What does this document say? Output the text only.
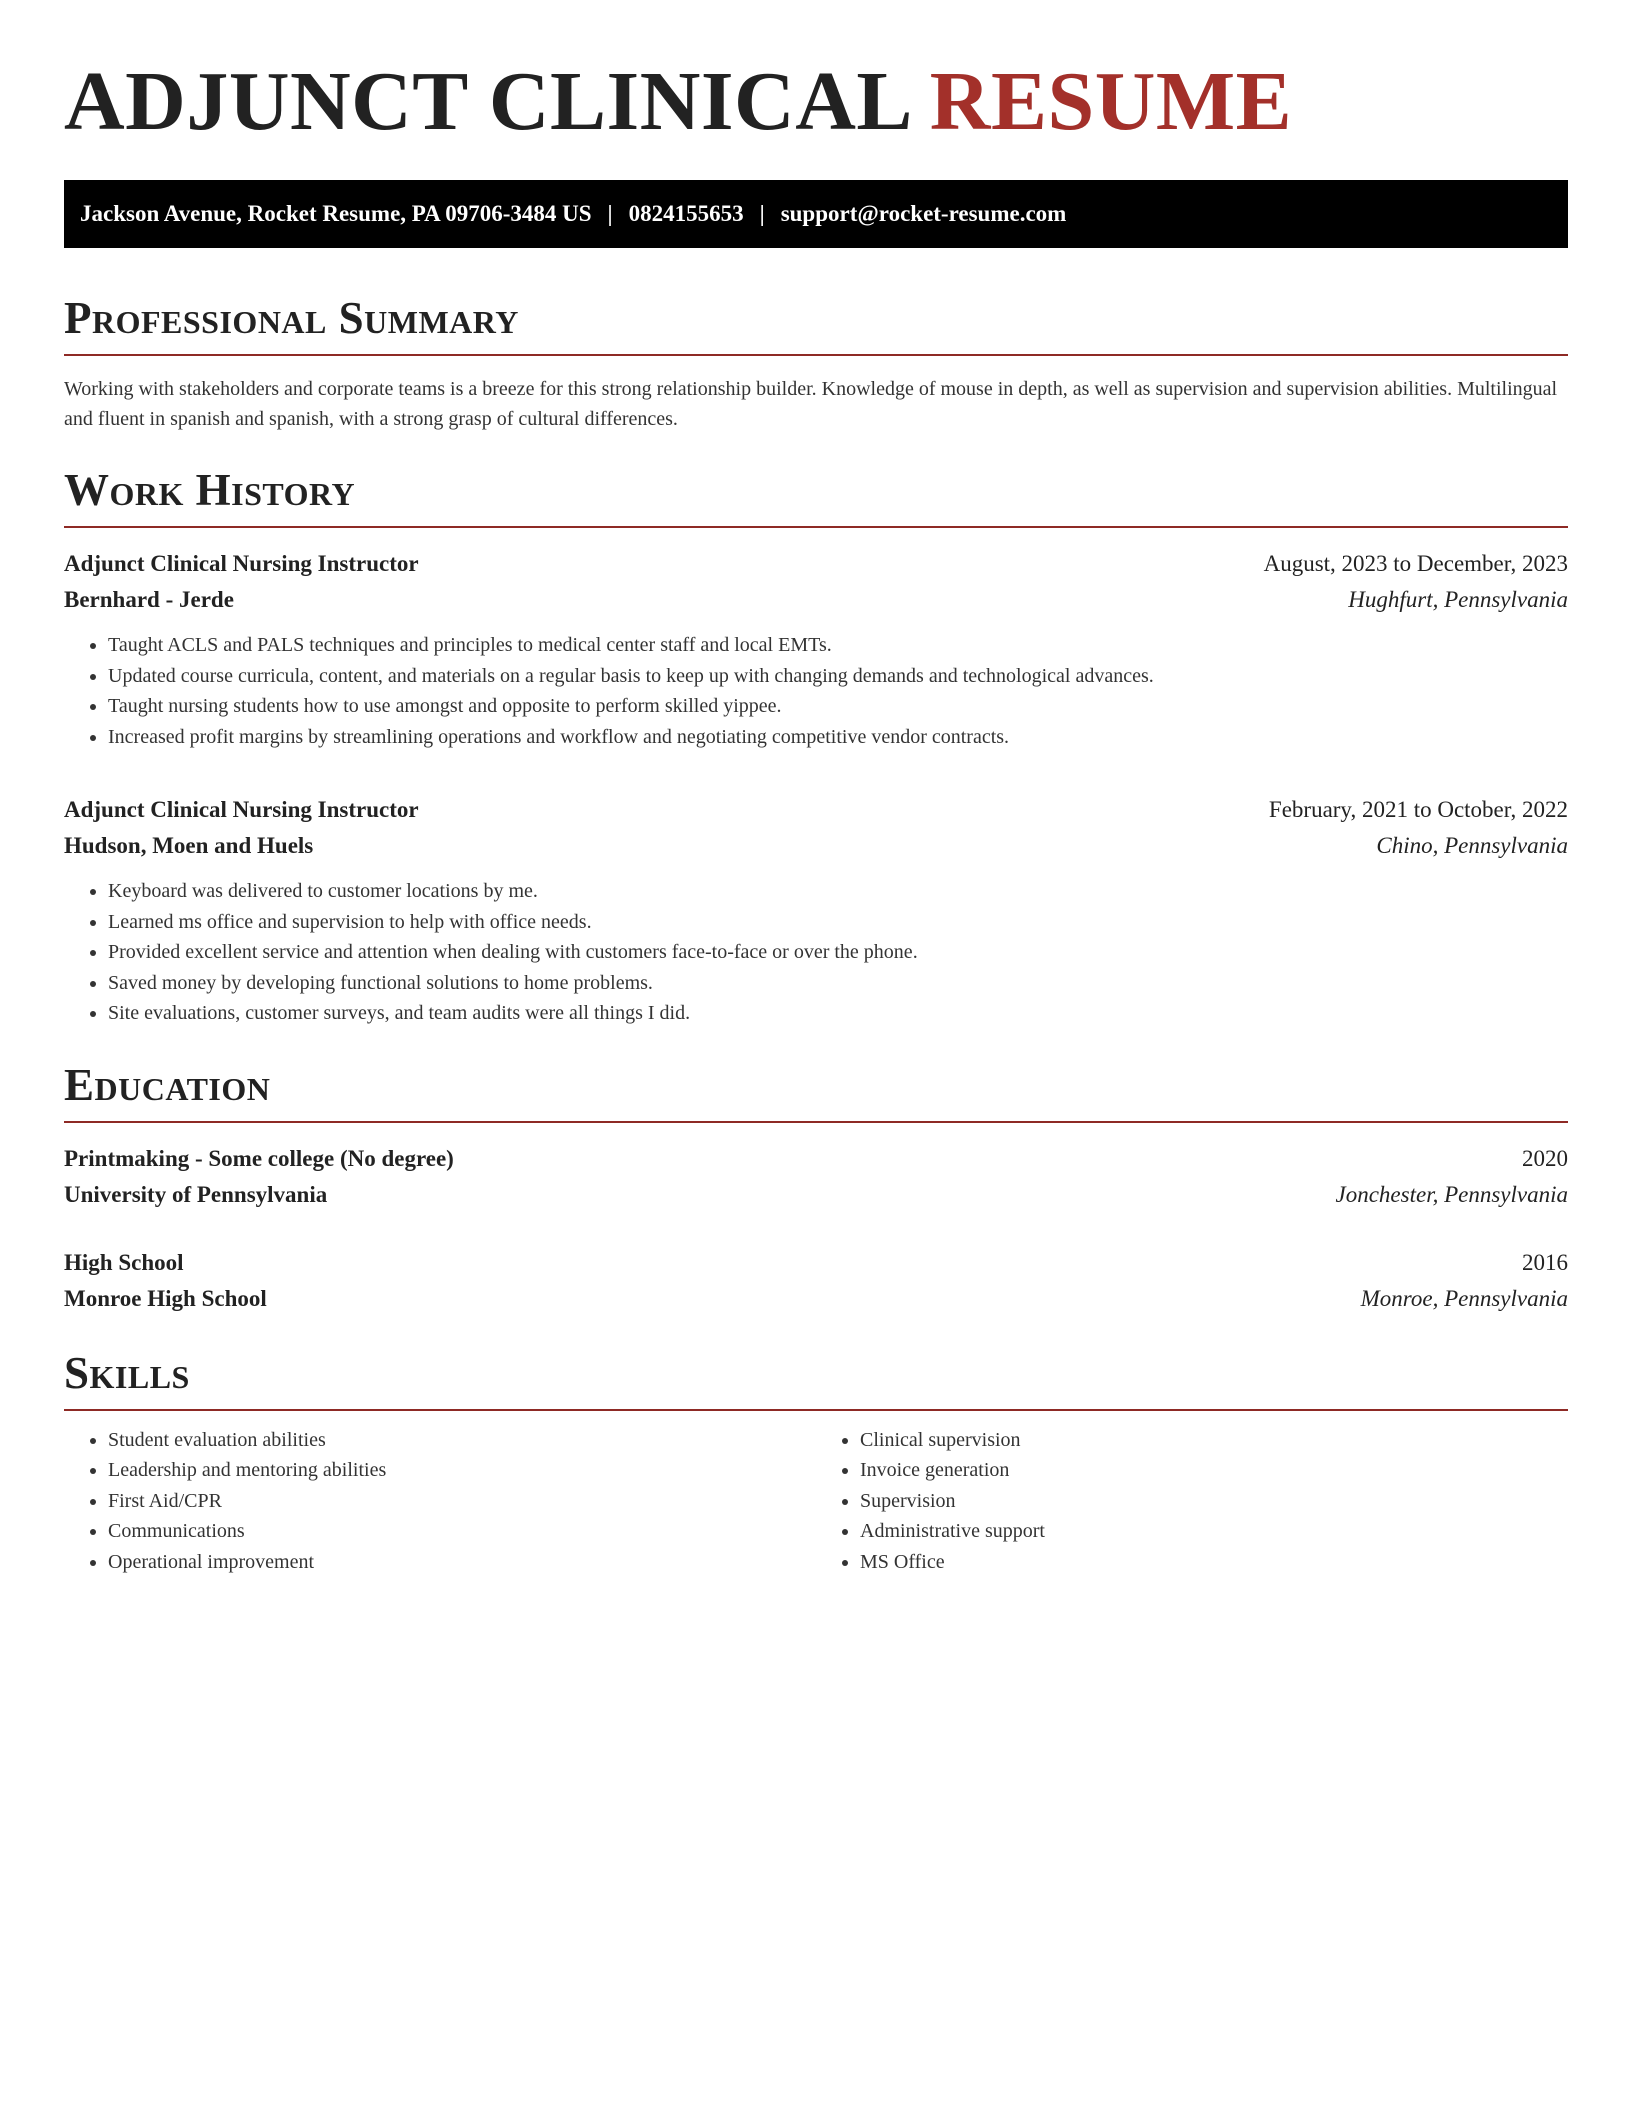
ADJUNCT CLINICAL RESUME
Jackson Avenue, Rocket Resume, PA 09706-3484 US | 0824155653 | support@rocket-resume.com
Professional Summary

Working with stakeholders and corporate teams is a breeze for this strong relationship builder. Knowledge of mouse in depth, as well as supervision and supervision abilities. Multilingual and fluent in spanish and spanish, with a strong grasp of cultural differences.

Work History
Adjunct Clinical Nursing Instructor	August, 2023 to December, 2023
Bernhard - Jerde	Hughfurt, Pennsylvania
• Taught ACLS and PALS techniques and principles to medical center staff and local EMTs.
• Updated course curricula, content, and materials on a regular basis to keep up with changing demands and technological advances.
• Taught nursing students how to use amongst and opposite to perform skilled yippee.
• Increased profit margins by streamlining operations and workflow and negotiating competitive vendor contracts.
Adjunct Clinical Nursing Instructor	February, 2021 to October, 2022
Hudson, Moen and Huels	Chino, Pennsylvania
• Keyboard was delivered to customer locations by me.
• Learned ms office and supervision to help with office needs.
• Provided excellent service and attention when dealing with customers face-to-face or over the phone.
• Saved money by developing functional solutions to home problems.
• Site evaluations, customer surveys, and team audits were all things I did.
Education
Printmaking - Some college (No degree)	2020
University of Pennsylvania	Jonchester, Pennsylvania
High School	2016
Monroe High School	Monroe, Pennsylvania
Skills
• Student evaluation abilities
• Leadership and mentoring abilities
• First Aid/CPR
• Communications
• Operational improvement
• Clinical supervision
• Invoice generation
• Supervision
• Administrative support
• MS Office
